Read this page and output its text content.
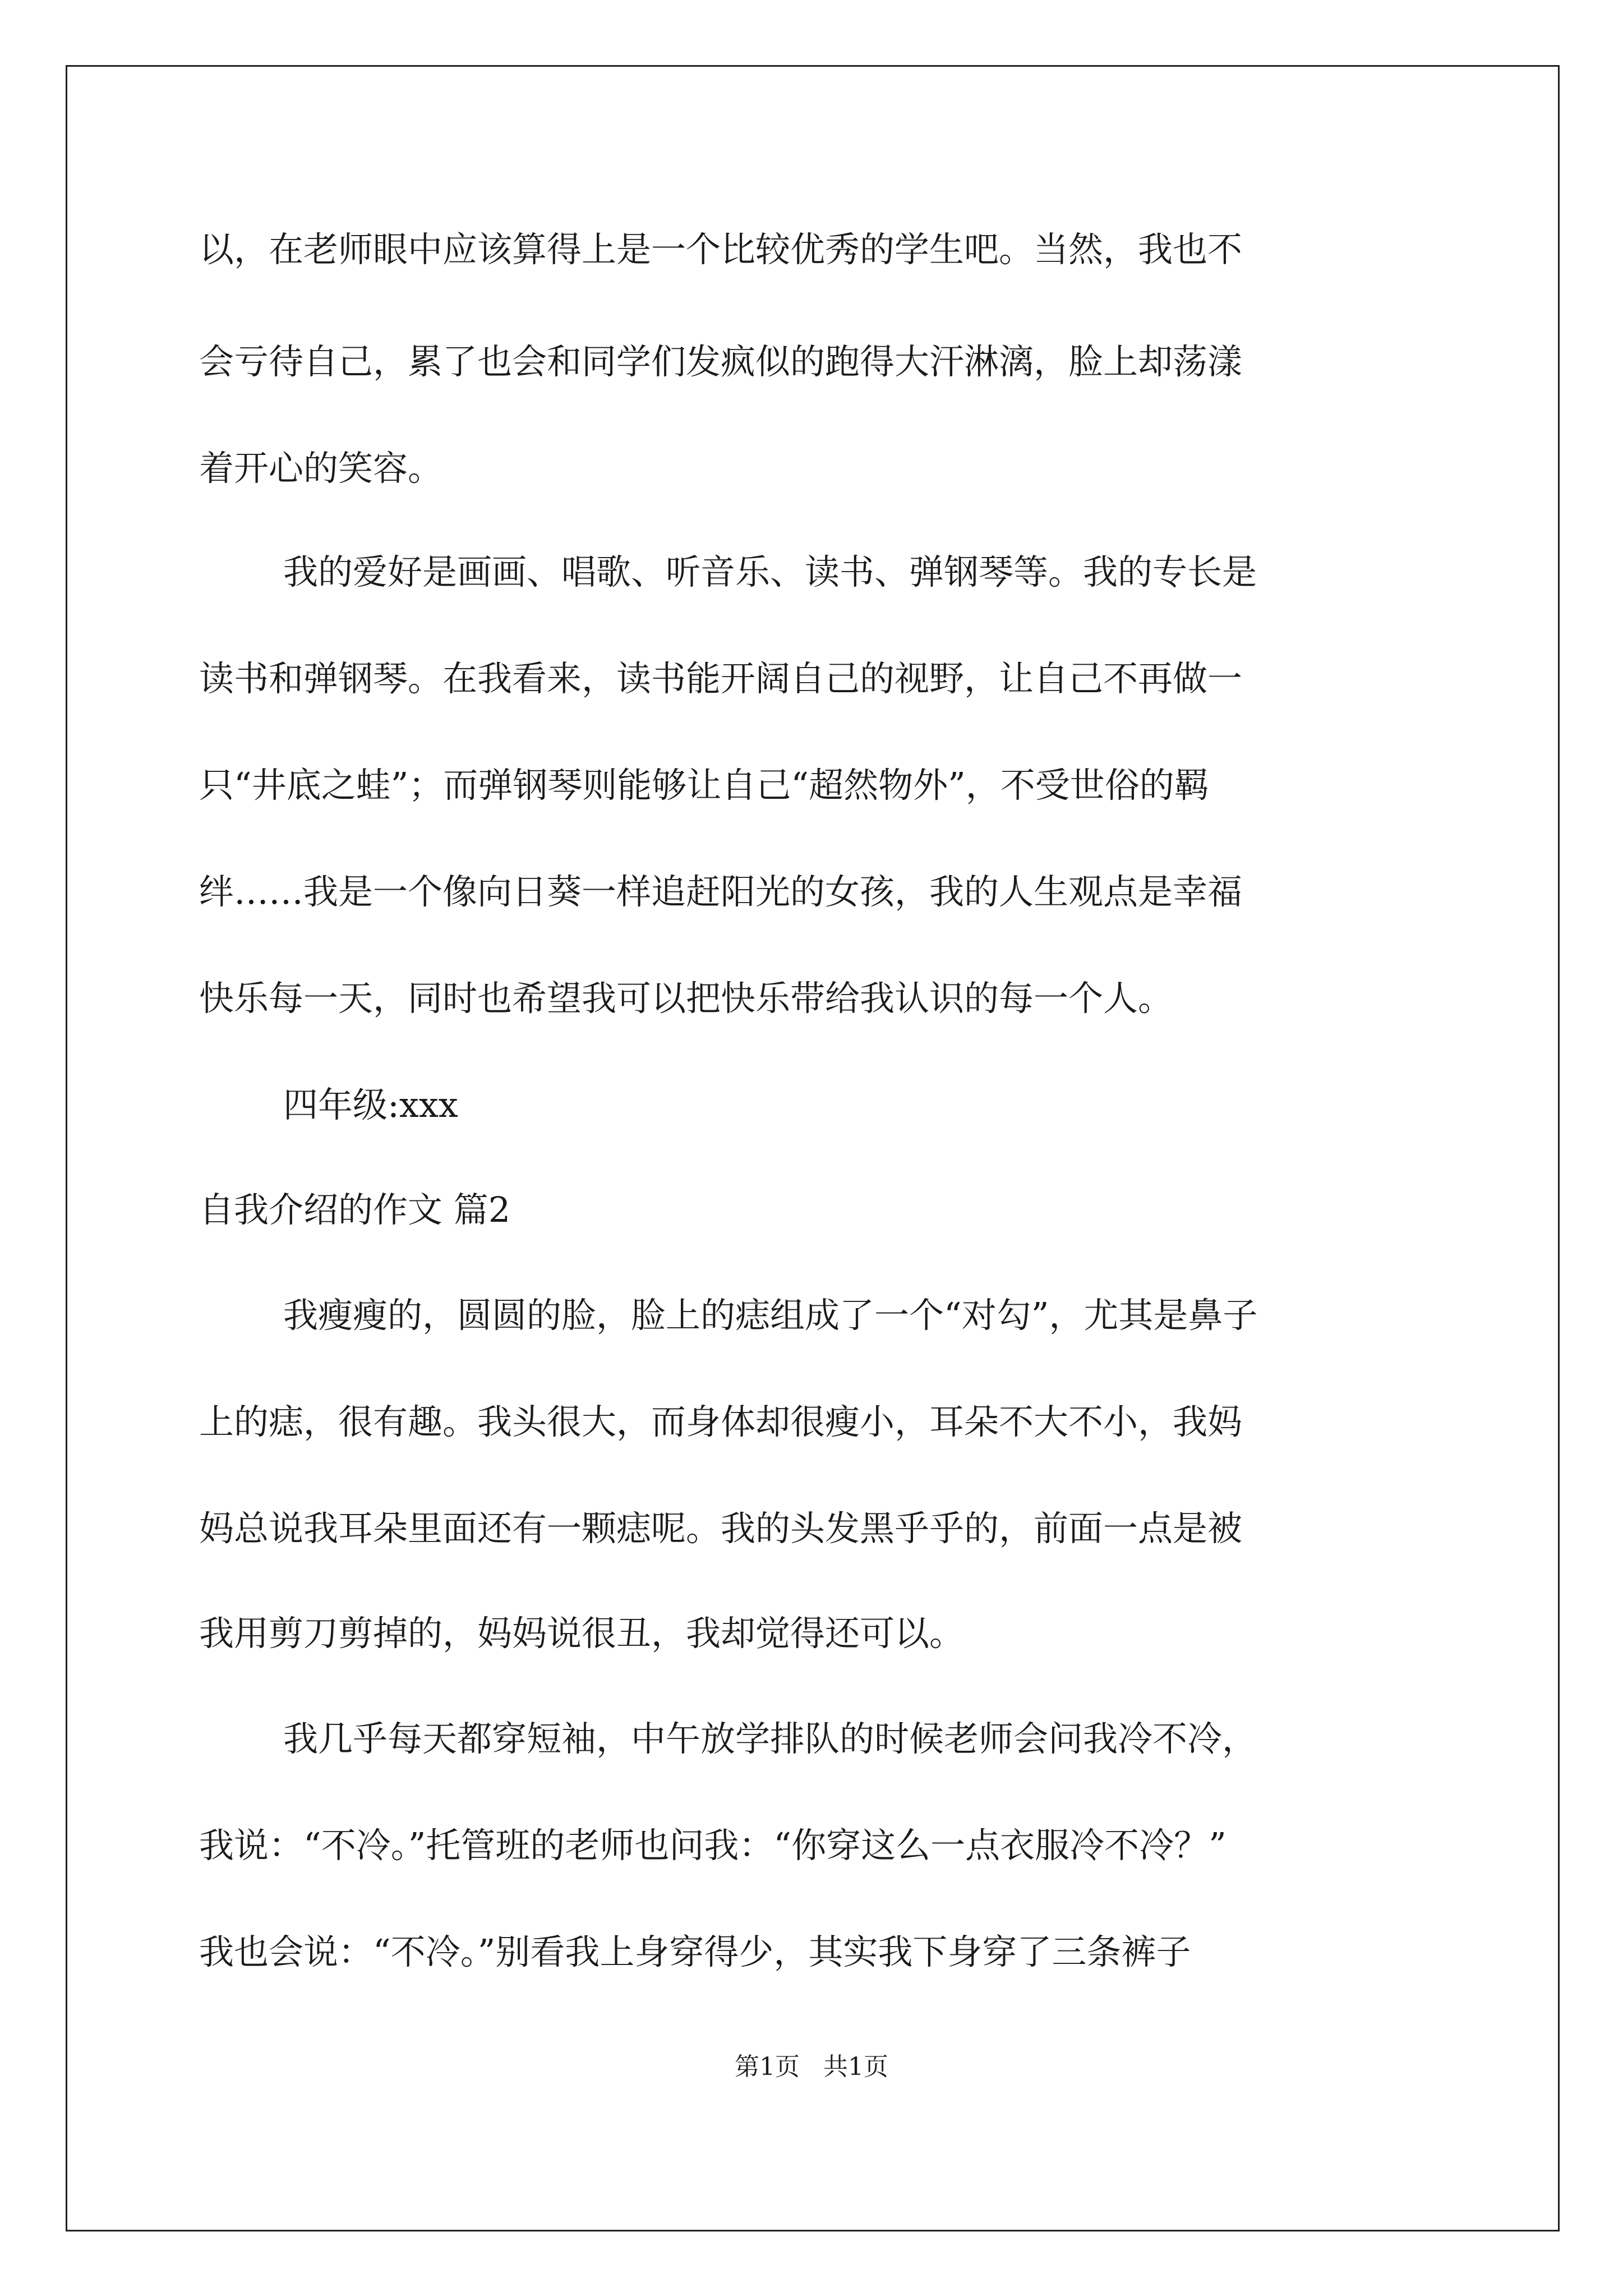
以，在老师眼中应该算得上是一个比较优秀的学生吧。当然，我也不
会亏待自己，累了也会和同学们发疯似的跑得大汗淋漓，脸上却荡漾
着开心的笑容。
我的爱好是画画、唱歌、听音乐、读书、弹钢琴等。我的专长是
读书和弹钢琴。在我看来，读书能开阔自己的视野，让自己不再做一
只“井底之蛙”；而弹钢琴则能够让自己“超然物外”，不受世俗的羁
绊……我是一个像向日葵一样追赶阳光的女孩，我的人生观点是幸福
快乐每一天，同时也希望我可以把快乐带给我认识的每一个人。
四年级:xxx
自我介绍的作文 篇2
我瘦瘦的，圆圆的脸，脸上的痣组成了一个“对勾”，尤其是鼻子
上的痣，很有趣。我头很大，而身体却很瘦小，耳朵不大不小，我妈
妈总说我耳朵里面还有一颗痣呢。我的头发黑乎乎的，前面一点是被
我用剪刀剪掉的，妈妈说很丑，我却觉得还可以。
我几乎每天都穿短袖，中午放学排队的时候老师会问我冷不冷，
我说：“不冷。”托管班的老师也问我：“你穿这么一点衣服冷不冷？”
我也会说：“不冷。”别看我上身穿得少，其实我下身穿了三条裤子
第1页   共1页
